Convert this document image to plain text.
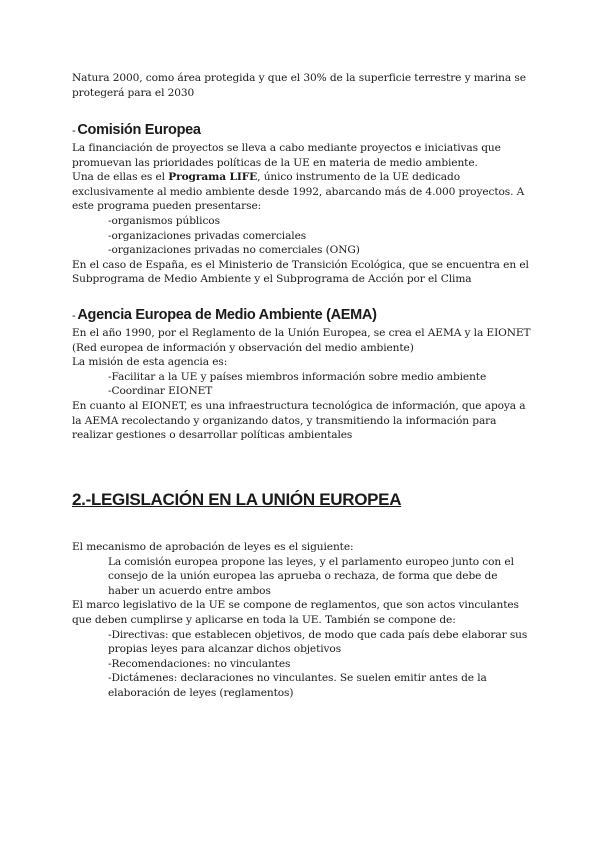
Natura 2000, como área protegida y que el 30% de la superficie terrestre y marina se

protegerá para el 2030

- Comisión Europea

La financiación de proyectos se lleva a cabo mediante proyectos e iniciativas que

promuevan las prioridades políticas de la UE en materia de medio ambiente.

Una de ellas es el Programa LIFE, único instrumento de la UE dedicado

exclusivamente al medio ambiente desde 1992, abarcando más de 4.000 proyectos. A

este programa pueden presentarse:

-organismos públicos

-organizaciones privadas comerciales

-organizaciones privadas no comerciales (ONG)

En el caso de España, es el Ministerio de Transición Ecológica, que se encuentra en el

Subprograma de Medio Ambiente y el Subprograma de Acción por el Clima

- Agencia Europea de Medio Ambiente (AEMA)

En el año 1990, por el Reglamento de la Unión Europea, se crea el AEMA y la EIONET

(Red europea de información y observación del medio ambiente)

La misión de esta agencia es:

-Facilitar a la UE y países miembros información sobre medio ambiente

-Coordinar EIONET

En cuanto al EIONET, es una infraestructura tecnológica de información, que apoya a

la AEMA recolectando y organizando datos, y transmitiendo la información para

realizar gestiones o desarrollar políticas ambientales

2.-LEGISLACIÓN EN LA UNIÓN EUROPEA

El mecanismo de aprobación de leyes es el siguiente:

La comisión europea propone las leyes, y el parlamento europeo junto con el

consejo de la unión europea las aprueba o rechaza, de forma que debe de

haber un acuerdo entre ambos

El marco legislativo de la UE se compone de reglamentos, que son actos vinculantes

que deben cumplirse y aplicarse en toda la UE. También se compone de:

-Directivas: que establecen objetivos, de modo que cada país debe elaborar sus

propias leyes para alcanzar dichos objetivos

-Recomendaciones: no vinculantes

-Dictámenes: declaraciones no vinculantes. Se suelen emitir antes de la

elaboración de leyes (reglamentos)
